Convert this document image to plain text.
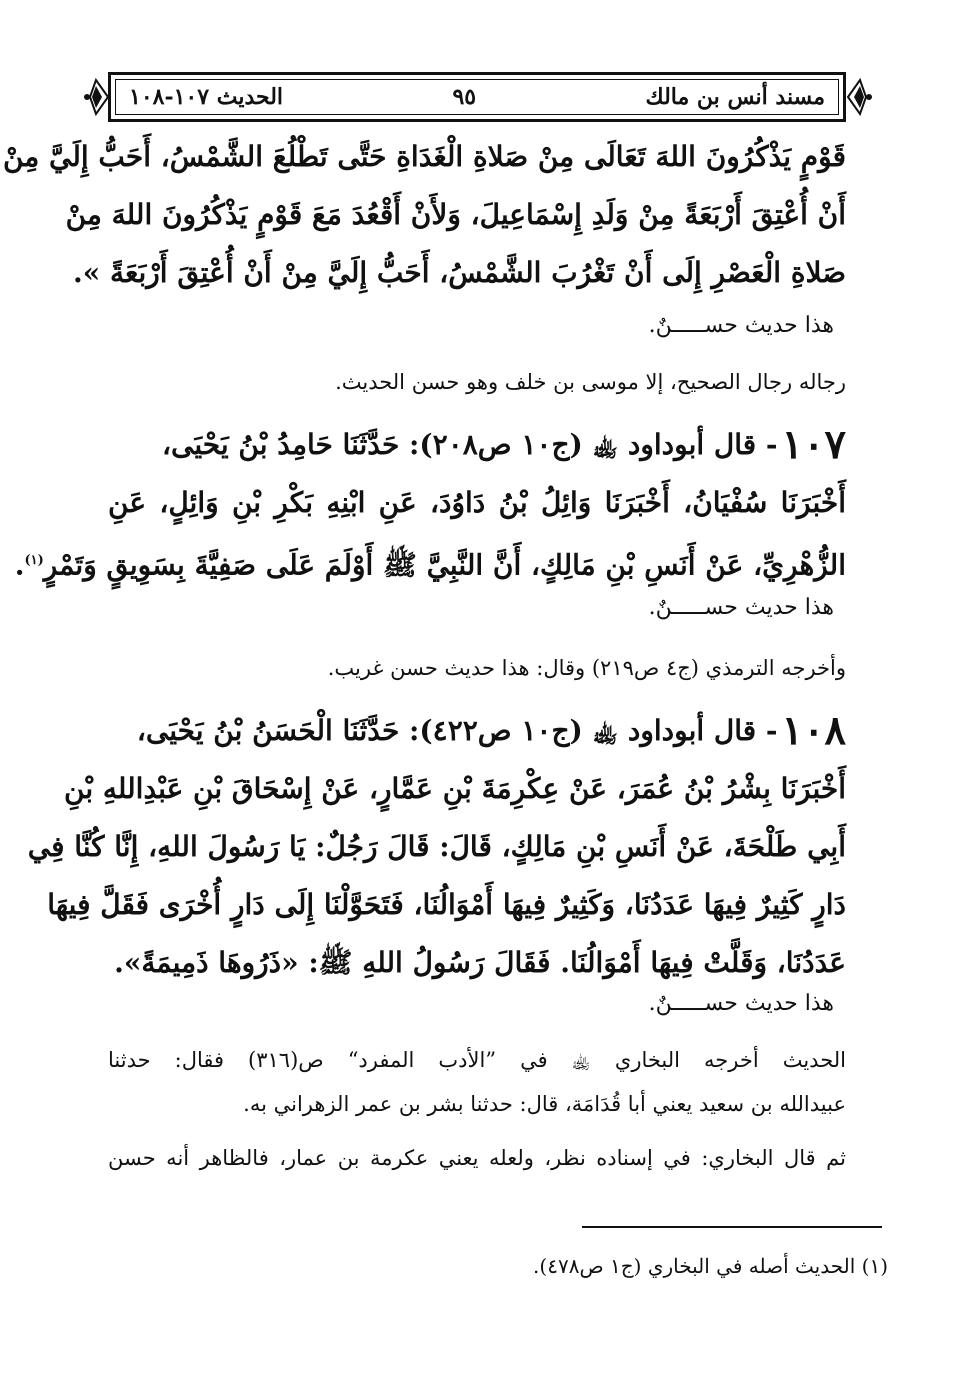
مسند أنس بن مالك
٩٥
الحديث ١٠٧-١٠٨
قَوْمٍ يَذْكُرُونَ اللهَ تَعَالَى مِنْ صَلاةِ الْغَدَاةِ حَتَّى تَطْلُعَ الشَّمْسُ، أَحَبُّ إِلَيَّ مِنْ
أَنْ أُعْتِقَ أَرْبَعَةً مِنْ وَلَدِ إِسْمَاعِيلَ، وَلأَنْ أَقْعُدَ مَعَ قَوْمٍ يَذْكُرُونَ اللهَ مِنْ
صَلاةِ الْعَصْرِ إِلَى أَنْ تَغْرُبَ الشَّمْسُ، أَحَبُّ إِلَيَّ مِنْ أَنْ أُعْتِقَ أَرْبَعَةً ».
هذا حديث حســـــنٌ.
رجاله رجال الصحيح، إلا موسى بن خلف وهو حسن الحديث.
١٠٧- قال أبوداود ﵀ (ج١٠ ص٢٠٨): حَدَّثَنَا حَامِدُ بْنُ يَحْيَى،
أَخْبَرَنَا سُفْيَانُ، أَخْبَرَنَا وَائِلُ بْنُ دَاوُدَ، عَنِ ابْنِهِ بَكْرِ بْنِ وَائِلٍ، عَنِ
الزُّهْرِيِّ، عَنْ أَنَسِ بْنِ مَالِكٍ، أَنَّ النَّبِيَّ ﷺ أَوْلَمَ عَلَى صَفِيَّةَ بِسَوِيقٍ وَتَمْرٍ$^{(١)}$.
هذا حديث حســـــنٌ.
وأخرجه الترمذي (ج٤ ص٢١٩) وقال: هذا حديث حسن غريب.
١٠٨- قال أبوداود ﵀ (ج١٠ ص٤٢٢): حَدَّثَنَا الْحَسَنُ بْنُ يَحْيَى،
أَخْبَرَنَا بِشْرُ بْنُ عُمَرَ، عَنْ عِكْرِمَةَ بْنِ عَمَّارٍ، عَنْ إِسْحَاقَ بْنِ عَبْدِاللهِ بْنِ
أَبِي طَلْحَةَ، عَنْ أَنَسِ بْنِ مَالِكٍ، قَالَ: قَالَ رَجُلٌ: يَا رَسُولَ اللهِ، إِنَّا كُنَّا فِي
دَارٍ كَثِيرٌ فِيهَا عَدَدُنَا، وَكَثِيرٌ فِيهَا أَمْوَالُنَا، فَتَحَوَّلْنَا إِلَى دَارٍ أُخْرَى فَقَلَّ فِيهَا
عَدَدُنَا، وَقَلَّتْ فِيهَا أَمْوَالُنَا. فَقَالَ رَسُولُ اللهِ ﷺ: «ذَرُوهَا ذَمِيمَةً».
هذا حديث حســـــنٌ.
الحديث أخرجه البخاري ﵀ في ”الأدب المفرد“ ص(٣١٦) فقال: حدثنا
عبيدالله بن سعيد يعني أبا قُدَامَة، قال: حدثنا بشر بن عمر الزهراني به.
ثم قال البخاري: في إسناده نظر، ولعله يعني عكرمة بن عمار، فالظاهر أنه حسن
(١) الحديث أصله في البخاري (ج١ ص٤٧٨).
